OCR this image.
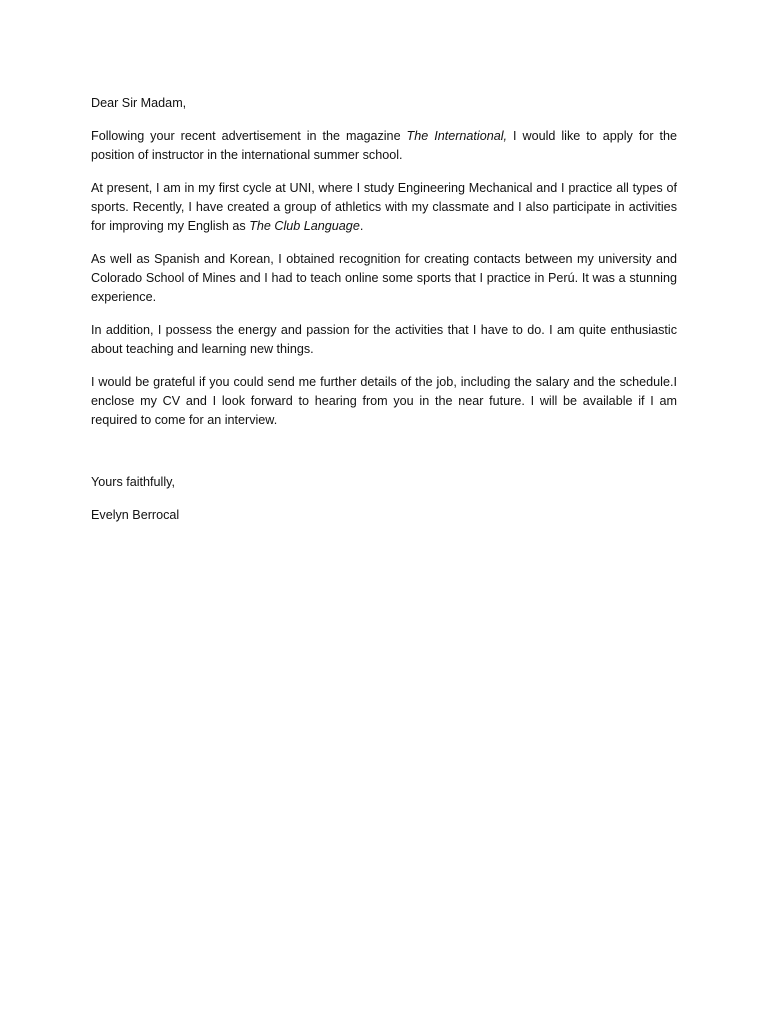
Dear Sir Madam,

Following your recent advertisement in the magazine The International, I would like to apply for the position of instructor in the international summer school.

At present, I am in my first cycle at UNI, where I study Engineering Mechanical and I practice all types of sports. Recently, I have created a group of athletics with my classmate and I also participate in activities for improving my English as The Club Language.

As well as Spanish and Korean, I obtained recognition for creating contacts between my university and Colorado School of Mines and I had to teach online some sports that I practice in Perú. It was a stunning experience.

In addition, I possess the energy and passion for the activities that I have to do. I am quite enthusiastic about teaching and learning new things.

I would be grateful if you could send me further details of the job, including the salary and the schedule.I enclose my CV and I look forward to hearing from you in the near future. I will be available if I am required to come for an interview.

Yours faithfully,

Evelyn Berrocal
